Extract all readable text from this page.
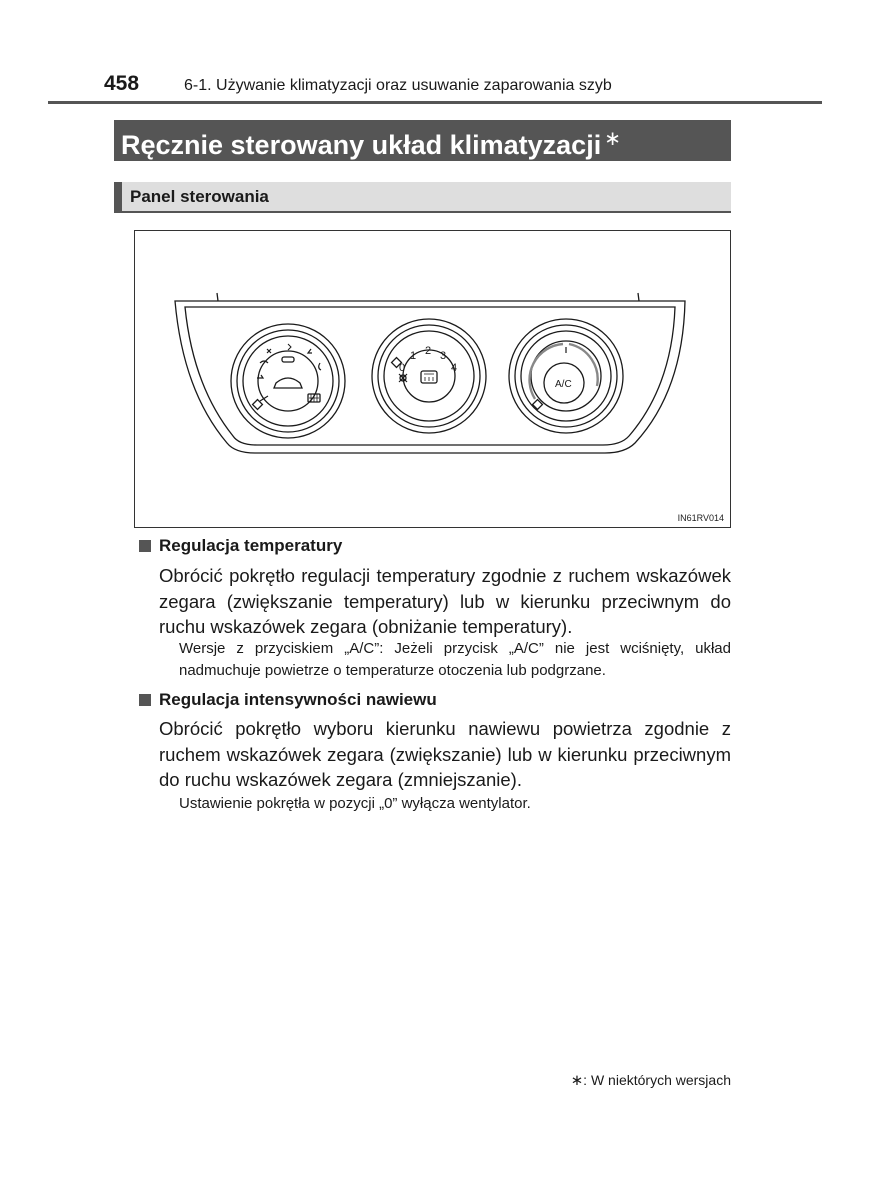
458	6-1. Używanie klimatyzacji oraz usuwanie zaparowania szyb
Ręcznie sterowany układ klimatyzacji ∗
Panel sterowania
0
1 2 3
4
A/C
IN61RV014
Regulacja temperatury
Obrócić pokrętło regulacji temperatury zgodnie z ruchem wskazówek zegara (zwiększanie temperatury) lub w kierunku przeciwnym do ruchu wskazówek zegara (obniżanie temperatury).
Wersje z przyciskiem „A/C”: Jeżeli przycisk „A/C” nie jest wciśnięty, układ nadmuchuje powietrze o temperaturze otoczenia lub podgrzane.
Regulacja intensywności nawiewu
Obrócić pokrętło wyboru kierunku nawiewu powietrza zgodnie z ruchem wskazówek zegara (zwiększanie) lub w kierunku przeciwnym do ruchu wskazówek zegara (zmniejszanie).
Ustawienie pokrętła w pozycji „0” wyłącza wentylator.
∗: W niektórych wersjach
